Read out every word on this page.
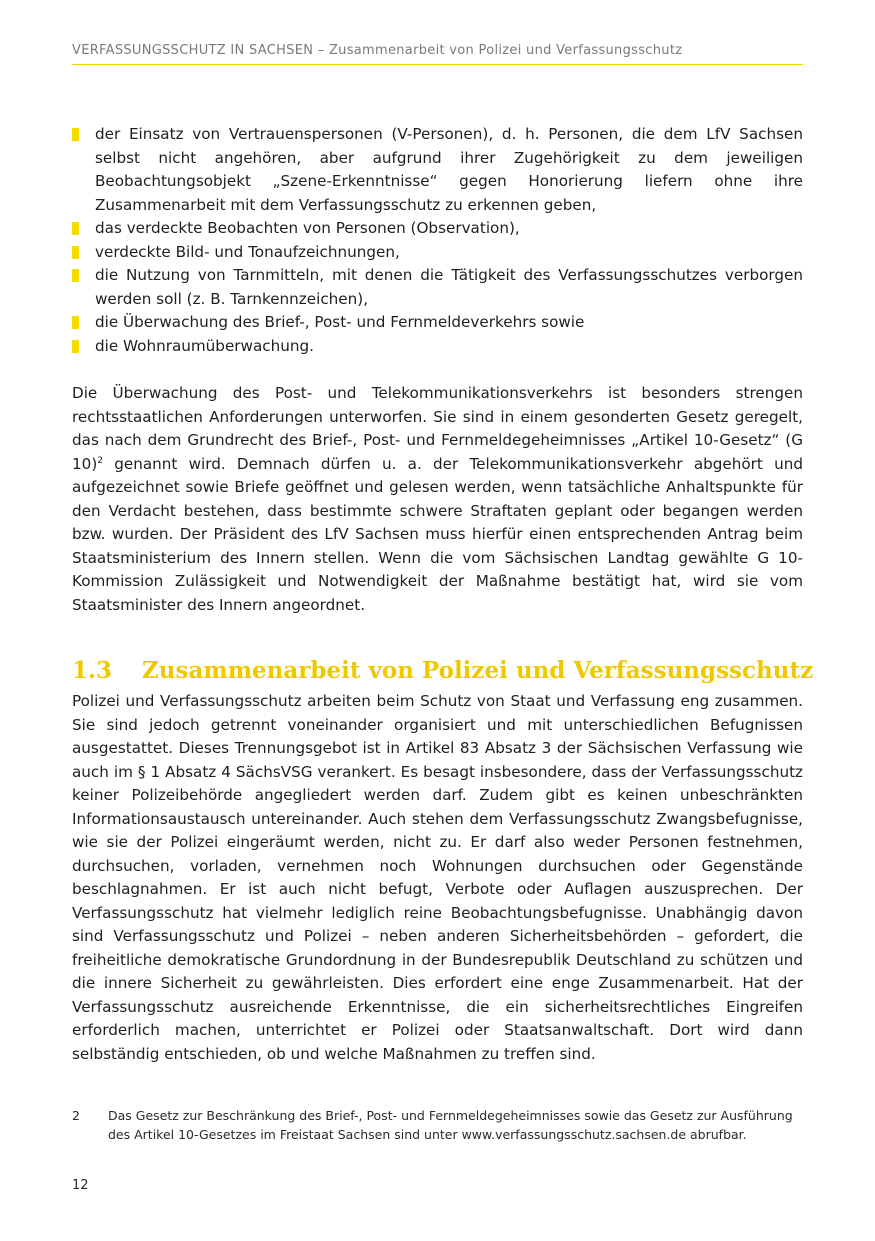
VERFASSUNGSSCHUTZ IN SACHSEN – Zusammenarbeit von Polizei und Verfassungsschutz
der Einsatz von Vertrauenspersonen (V-Personen), d. h. Personen, die dem LfV Sachsen selbst nicht angehören, aber aufgrund ihrer Zugehörigkeit zu dem jeweiligen Beobachtungsobjekt „Szene-Erkenntnisse“ gegen Honorierung liefern ohne ihre Zusammenarbeit mit dem Verfassungsschutz zu erkennen geben,
das verdeckte Beobachten von Personen (Observation),
verdeckte Bild- und Tonaufzeichnungen,
die Nutzung von Tarnmitteln, mit denen die Tätigkeit des Verfassungsschutzes verborgen werden soll (z. B. Tarnkennzeichen),
die Überwachung des Brief-, Post- und Fernmeldeverkehrs sowie
die Wohnraumüberwachung.

Die Überwachung des Post- und Telekommunikationsverkehrs ist besonders strengen rechtsstaatlichen Anforderungen unterworfen. Sie sind in einem gesonderten Gesetz geregelt, das nach dem Grundrecht des Brief-, Post- und Fernmeldegeheimnisses „Artikel 10-Gesetz“ (G 10)$^2$ genannt wird. Demnach dürfen u. a. der Telekommunikationsverkehr abgehört und aufgezeichnet sowie Briefe geöffnet und gelesen werden, wenn tatsächliche Anhaltspunkte für den Verdacht bestehen, dass bestimmte schwere Straftaten geplant oder begangen werden bzw. wurden. Der Präsident des LfV Sachsen muss hierfür einen entsprechenden Antrag beim Staatsministerium des Innern stellen. Wenn die vom Sächsischen Landtag gewählte G 10-Kommission Zulässigkeit und Notwendigkeit der Maßnahme bestätigt hat, wird sie vom Staatsminister des Innern angeordnet.

1.3 Zusammenarbeit von Polizei und Verfassungsschutz

Polizei und Verfassungsschutz arbeiten beim Schutz von Staat und Verfassung eng zusammen. Sie sind jedoch getrennt voneinander organisiert und mit unterschiedlichen Befugnissen ausgestattet. Dieses Trennungsgebot ist in Artikel 83 Absatz 3 der Sächsischen Verfassung wie auch im § 1 Absatz 4 SächsVSG verankert. Es besagt insbesondere, dass der Verfassungsschutz keiner Polizeibehörde angegliedert werden darf. Zudem gibt es keinen unbeschränkten Informationsaustausch untereinander. Auch stehen dem Verfassungsschutz Zwangsbefugnisse, wie sie der Polizei eingeräumt werden, nicht zu. Er darf also weder Personen festnehmen, durchsuchen, vorladen, vernehmen noch Wohnungen durchsuchen oder Gegenstände beschlagnahmen. Er ist auch nicht befugt, Verbote oder Auflagen auszusprechen. Der Verfassungsschutz hat vielmehr lediglich reine Beobachtungsbefugnisse. Unabhängig davon sind Verfassungsschutz und Polizei – neben anderen Sicherheitsbehörden – gefordert, die freiheitliche demokratische Grundordnung in der Bundesrepublik Deutschland zu schützen und die innere Sicherheit zu gewährleisten. Dies erfordert eine enge Zusammenarbeit. Hat der Verfassungsschutz ausreichende Erkenntnisse, die ein sicherheitsrechtliches Eingreifen erforderlich machen, unterrichtet er Polizei oder Staatsanwaltschaft. Dort wird dann selbständig entschieden, ob und welche Maßnahmen zu treffen sind.

2 Das Gesetz zur Beschränkung des Brief-, Post- und Fernmeldegeheimnisses sowie das Gesetz zur Ausführung des Artikel 10-Gesetzes im Freistaat Sachsen sind unter www.verfassungsschutz.sachsen.de abrufbar.
12
